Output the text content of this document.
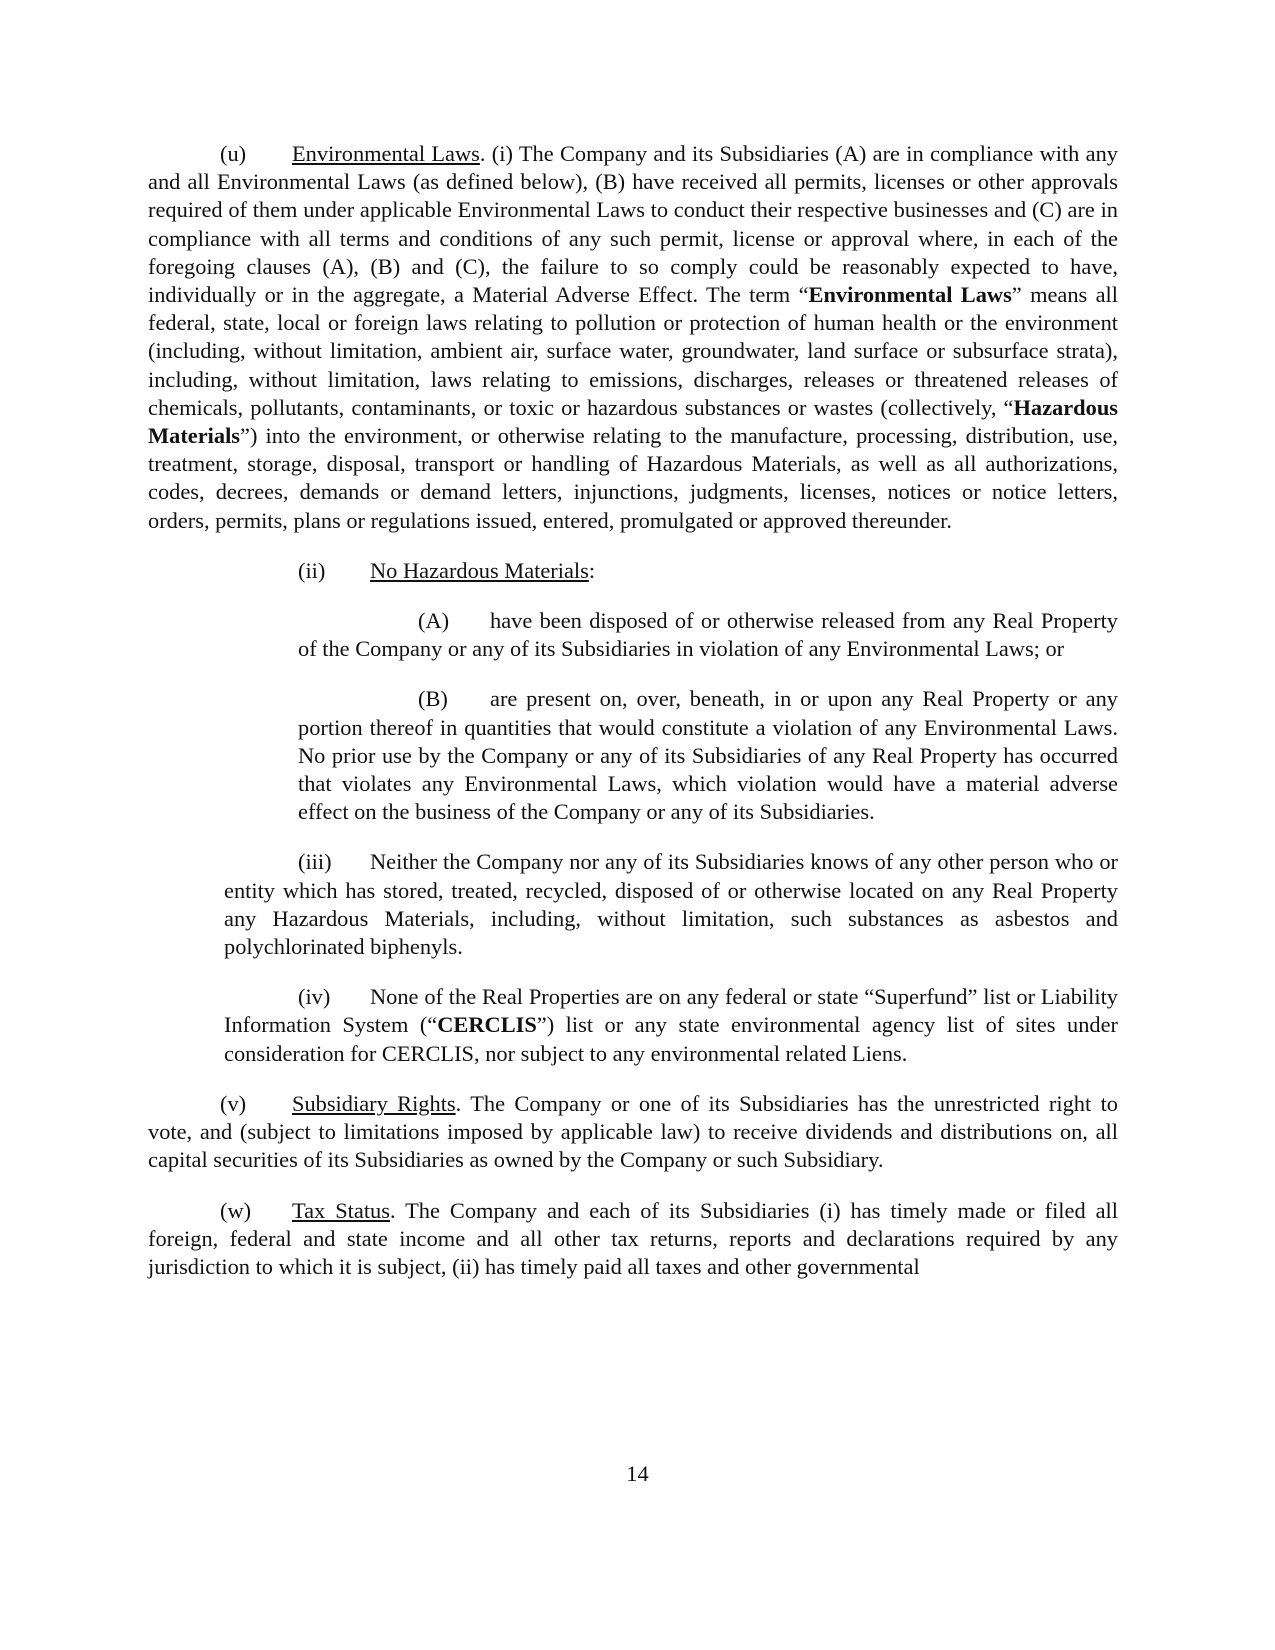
(u) Environmental Laws. (i) The Company and its Subsidiaries (A) are in compliance with any and all Environmental Laws (as defined below), (B) have received all permits, licenses or other approvals required of them under applicable Environmental Laws to conduct their respective businesses and (C) are in compliance with all terms and conditions of any such permit, license or approval where, in each of the foregoing clauses (A), (B) and (C), the failure to so comply could be reasonably expected to have, individually or in the aggregate, a Material Adverse Effect. The term “Environmental Laws” means all federal, state, local or foreign laws relating to pollution or protection of human health or the environment (including, without limitation, ambient air, surface water, groundwater, land surface or subsurface strata), including, without limitation, laws relating to emissions, discharges, releases or threatened releases of chemicals, pollutants, contaminants, or toxic or hazardous substances or wastes (collectively, “Hazardous Materials”) into the environment, or otherwise relating to the manufacture, processing, distribution, use, treatment, storage, disposal, transport or handling of Hazardous Materials, as well as all authorizations, codes, decrees, demands or demand letters, injunctions, judgments, licenses, notices or notice letters, orders, permits, plans or regulations issued, entered, promulgated or approved thereunder.

(ii) No Hazardous Materials:

(A) have been disposed of or otherwise released from any Real Property of the Company or any of its Subsidiaries in violation of any Environmental Laws; or

(B) are present on, over, beneath, in or upon any Real Property or any portion thereof in quantities that would constitute a violation of any Environmental Laws. No prior use by the Company or any of its Subsidiaries of any Real Property has occurred that violates any Environmental Laws, which violation would have a material adverse effect on the business of the Company or any of its Subsidiaries.

(iii) Neither the Company nor any of its Subsidiaries knows of any other person who or entity which has stored, treated, recycled, disposed of or otherwise located on any Real Property any Hazardous Materials, including, without limitation, such substances as asbestos and polychlorinated biphenyls.

(iv) None of the Real Properties are on any federal or state “Superfund” list or Liability Information System (“CERCLIS”) list or any state environmental agency list of sites under consideration for CERCLIS, nor subject to any environmental related Liens.

(v) Subsidiary Rights. The Company or one of its Subsidiaries has the unrestricted right to vote, and (subject to limitations imposed by applicable law) to receive dividends and distributions on, all capital securities of its Subsidiaries as owned by the Company or such Subsidiary.

(w) Tax Status. The Company and each of its Subsidiaries (i) has timely made or filed all foreign, federal and state income and all other tax returns, reports and declarations required by any jurisdiction to which it is subject, (ii) has timely paid all taxes and other governmental

14
